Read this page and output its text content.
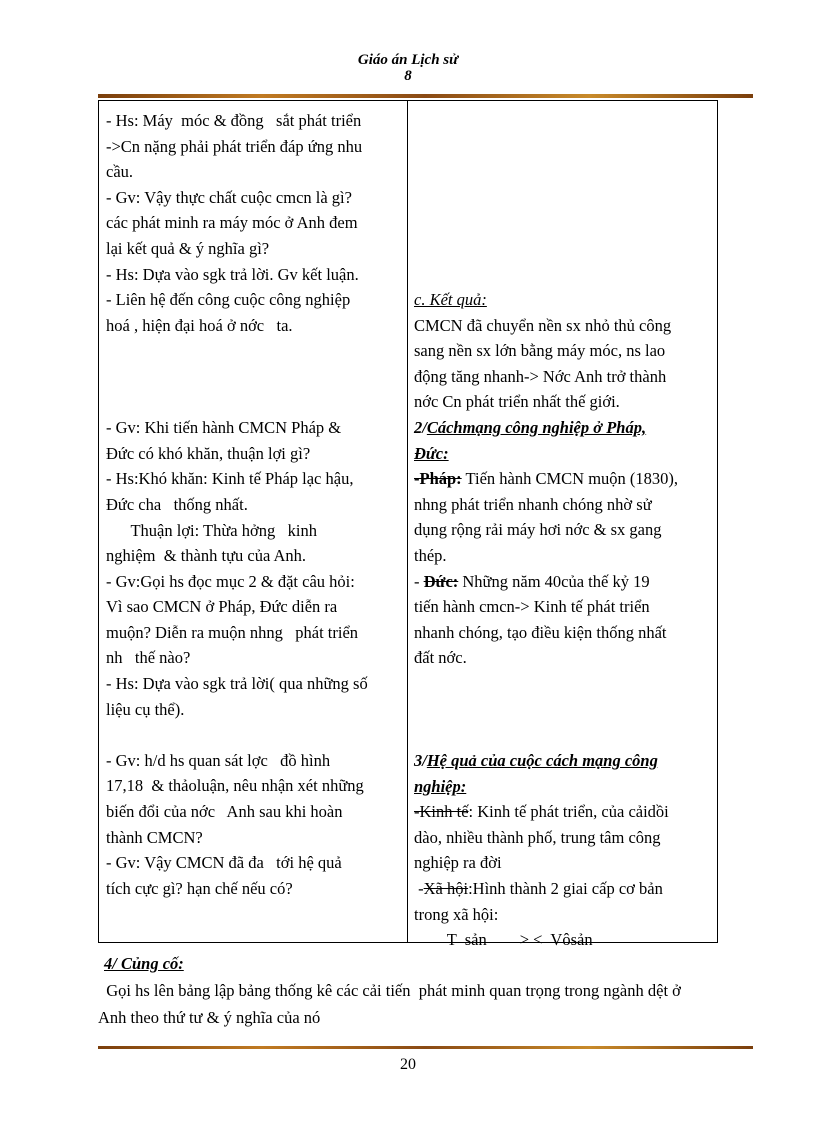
Giáo án Lịch sử
8
- Hs: Máy  móc & đồng   sắt phát triển
->Cn nặng phải phát triển đáp ứng nhu
cầu.
- Gv: Vậy thực chất cuộc cmcn là gì?
các phát minh ra máy móc ở Anh đem
lại kết quả & ý nghĩa gì?
- Hs: Dựa vào sgk trả lời. Gv kết luận.
- Liên hệ đến công cuộc công nghiệp
hoá , hiện đại hoá ở nớc   ta.
- Gv: Khi tiến hành CMCN Pháp &
Đức có khó khăn, thuận lợi gì?
- Hs:Khó khăn: Kinh tế Pháp lạc hậu,
Đức cha   thống nhất.
Thuận lợi: Thừa hởng   kinh
nghiệm  & thành tựu của Anh.
- Gv:Gọi hs đọc mục 2 & đặt câu hỏi:
Vì sao CMCN ở Pháp, Đức diễn ra
muộn? Diễn ra muộn nhng   phát triển
nh   thế nào?
- Hs: Dựa vào sgk trả lời( qua những số
liệu cụ thể).
- Gv: h/d hs quan sát lợc   đồ hình
17,18  & thảoluận, nêu nhận xét những
biến đổi của nớc   Anh sau khi hoàn
thành CMCN?
- Gv: Vậy CMCN đã đa   tới hệ quả
tích cực gì? hạn chế nếu có?
c. Kết quả:
CMCN đã chuyển nền sx nhỏ thủ công
sang nền sx lớn bằng máy móc, ns lao
động tăng nhanh-> Nớc Anh trở thành
nớc Cn phát triển nhất thế giới.
2/Cáchmạng công nghiệp ở Pháp,
Đức:
-Pháp: Tiến hành CMCN muộn (1830),
nhng phát triển nhanh chóng nhờ sử
dụng rộng rải máy hơi nớc & sx gang
thép.
- Đức: Những năm 40của thế kỷ 19
tiến hành cmcn-> Kinh tế phát triển
nhanh chóng, tạo điều kiện thống nhất
đất nớc.
3/Hệ quả của cuộc cách mạng công
nghiệp:
-Kinh tế: Kinh tế phát triển, của cảidồi
dào, nhiều thành phố, trung tâm công
nghiệp ra đời
-Xã hội:Hình thành 2 giai cấp cơ bản
trong xã hội:
T  sản        > <  Vôsản
4/ Củng cố:
Gọi hs lên bảng lập bảng thống kê các cải tiến  phát minh quan trọng trong ngành dệt ở
Anh theo thứ tư & ý nghĩa của nó
20
